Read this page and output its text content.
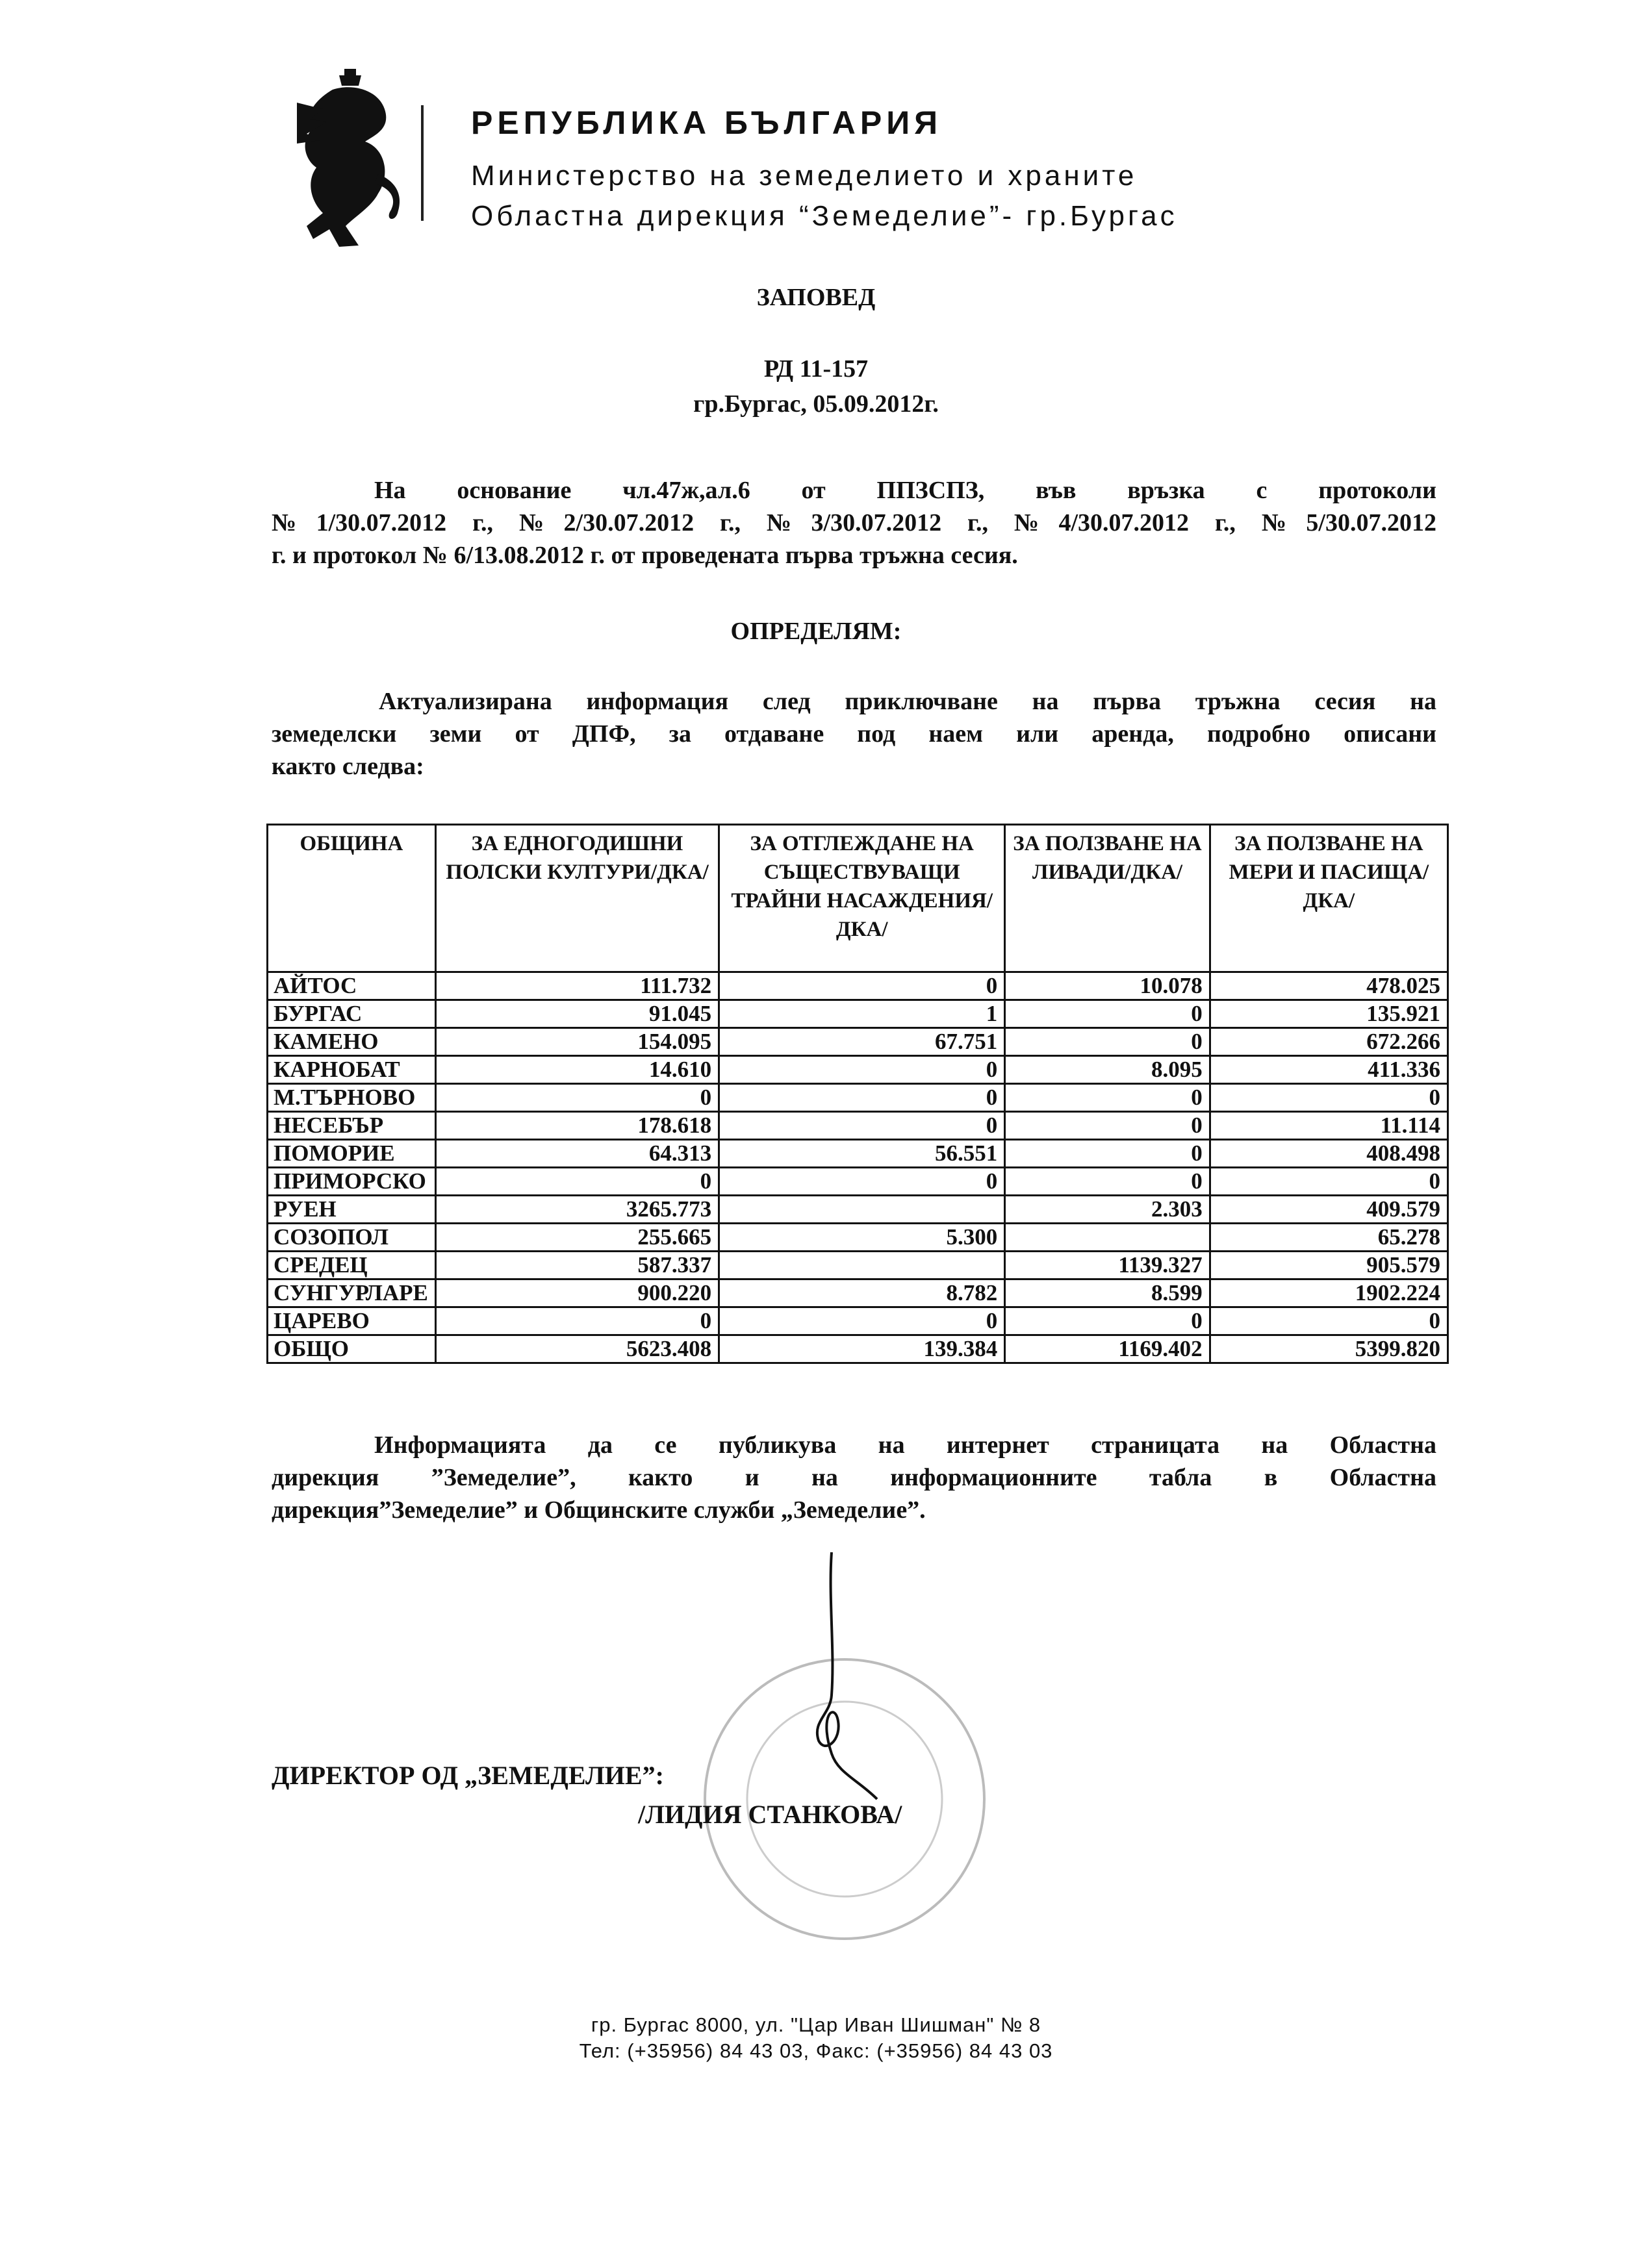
РЕПУБЛИКА БЪЛГАРИЯ
Министерство на земеделието и храните
Областна дирекция “Земеделие”- гр.Бургас
ЗАПОВЕД
РД 11-157
гр.Бургас, 05.09.2012г.
На основание чл.47ж,ал.6 от ППЗСПЗ, във връзка с протоколи
№1/30.07.2012 г., №2/30.07.2012 г., №3/30.07.2012 г., №4/30.07.2012 г., №5/30.07.2012
г. и протокол № 6/13.08.2012 г. от проведената първа тръжна сесия.
ОПРЕДЕЛЯМ:
Актуализирана информация след приключване на първа тръжна сесия на
земеделски земи от ДПФ, за отдаване под наем или аренда, подробно описани
както следва:
ОБЩИНА	ЗА ЕДНОГОДИШНИ ПОЛСКИ КУЛТУРИ/ДКА/	ЗА ОТГЛЕЖДАНЕ НА СЪЩЕСТВУВАЩИ ТРАЙНИ НАСАЖДЕНИЯ/ДКА/	ЗА ПОЛЗВАНЕ НА ЛИВАДИ/ДКА/	ЗА ПОЛЗВАНЕ НА МЕРИ И ПАСИЩА/ДКА/
АЙТОС	111.732	0	10.078	478.025
БУРГАС	91.045	1	0	135.921
КАМЕНО	154.095	67.751	0	672.266
КАРНОБАТ	14.610	0	8.095	411.336
М.ТЪРНОВО	0	0	0	0
НЕСЕБЪР	178.618	0	0	11.114
ПОМОРИЕ	64.313	56.551	0	408.498
ПРИМОРСКО	0	0	0	0
РУЕН	3265.773		2.303	409.579
СОЗОПОЛ	255.665	5.300		65.278
СРЕДЕЦ	587.337		1139.327	905.579
СУНГУРЛАРЕ	900.220	8.782	8.599	1902.224
ЦАРЕВО	0	0	0	0
ОБЩО	5623.408	139.384	1169.402	5399.820
Информацията да се публикува на интернет страницата на Областна
дирекция ”Земеделие”, както и на информационните табла в Областна
дирекция”Земеделие” и Общинските служби „Земеделие”.
ДИРЕКТОР ОД „ЗЕМЕДЕЛИЕ”:
/ЛИДИЯ СТАНКОВА/
гр. Бургас 8000, ул. "Цар Иван Шишман" № 8
Тел: (+35956) 84 43 03, Факс: (+35956) 84 43 03
